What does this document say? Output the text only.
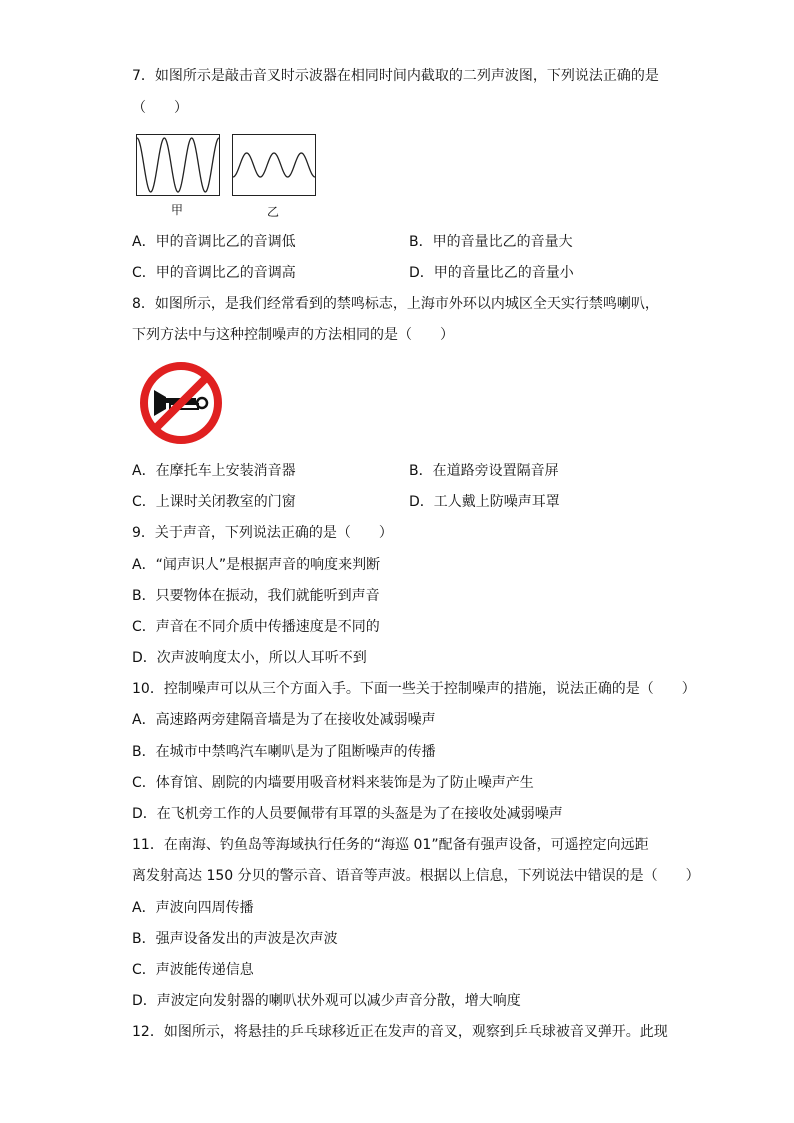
7．如图所示是敲击音叉时示波器在相同时间内截取的二列声波图，下列说法正确的是
（　　）
甲	乙
A．甲的音调比乙的音调低	B．甲的音量比乙的音量大
C．甲的音调比乙的音调高	D．甲的音量比乙的音量小
8．如图所示，是我们经常看到的禁鸣标志，上海市外环以内城区全天实行禁鸣喇叭，
下列方法中与这种控制噪声的方法相同的是（　　）
A．在摩托车上安装消音器	B．在道路旁设置隔音屏
C．上课时关闭教室的门窗	D．工人戴上防噪声耳罩
9．关于声音，下列说法正确的是（　　）
A．“闻声识人”是根据声音的响度来判断
B．只要物体在振动，我们就能听到声音
C．声音在不同介质中传播速度是不同的
D．次声波响度太小，所以人耳听不到
10．控制噪声可以从三个方面入手。下面一些关于控制噪声的措施，说法正确的是（　　）
A．高速路两旁建隔音墙是为了在接收处减弱噪声
B．在城市中禁鸣汽车喇叭是为了阻断噪声的传播
C．体育馆、剧院的内墙要用吸音材料来装饰是为了防止噪声产生
D．在飞机旁工作的人员要佩带有耳罩的头盔是为了在接收处减弱噪声
11．在南海、钓鱼岛等海域执行任务的“海巡 01”配备有强声设备，可遥控定向远距
离发射高达 150 分贝的警示音、语音等声波。根据以上信息，下列说法中错误的是（　　）
A．声波向四周传播
B．强声设备发出的声波是次声波
C．声波能传递信息
D．声波定向发射器的喇叭状外观可以减少声音分散，增大响度
12．如图所示，将悬挂的乒乓球移近正在发声的音叉，观察到乒乓球被音叉弹开。此现
